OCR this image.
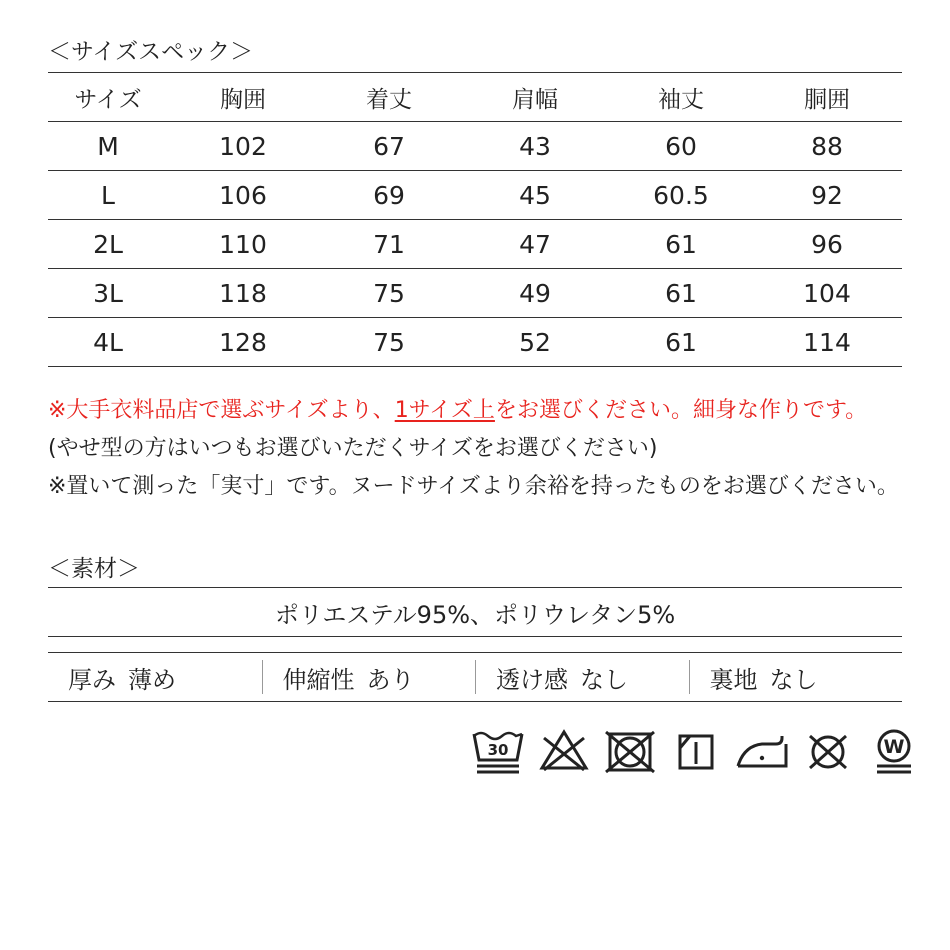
＜サイズスペック＞
サイズ	胸囲	着丈	肩幅	袖丈	胴囲
M	102	67	43	60	88
L	106	69	45	60.5	92
2L	110	71	47	61	96
3L	118	75	49	61	104
4L	128	75	52	61	114
※大手衣料品店で選ぶサイズより、1サイズ上をお選びください。細身な作りです。
(やせ型の方はいつもお選びいただくサイズをお選びください)
※置いて測った「実寸」です。ヌードサイズより余裕を持ったものをお選びください。
＜素材＞
ポリエステル95%、ポリウレタン5%
厚み 薄め	伸縮性 あり	透け感 なし	裏地 なし
30	W
